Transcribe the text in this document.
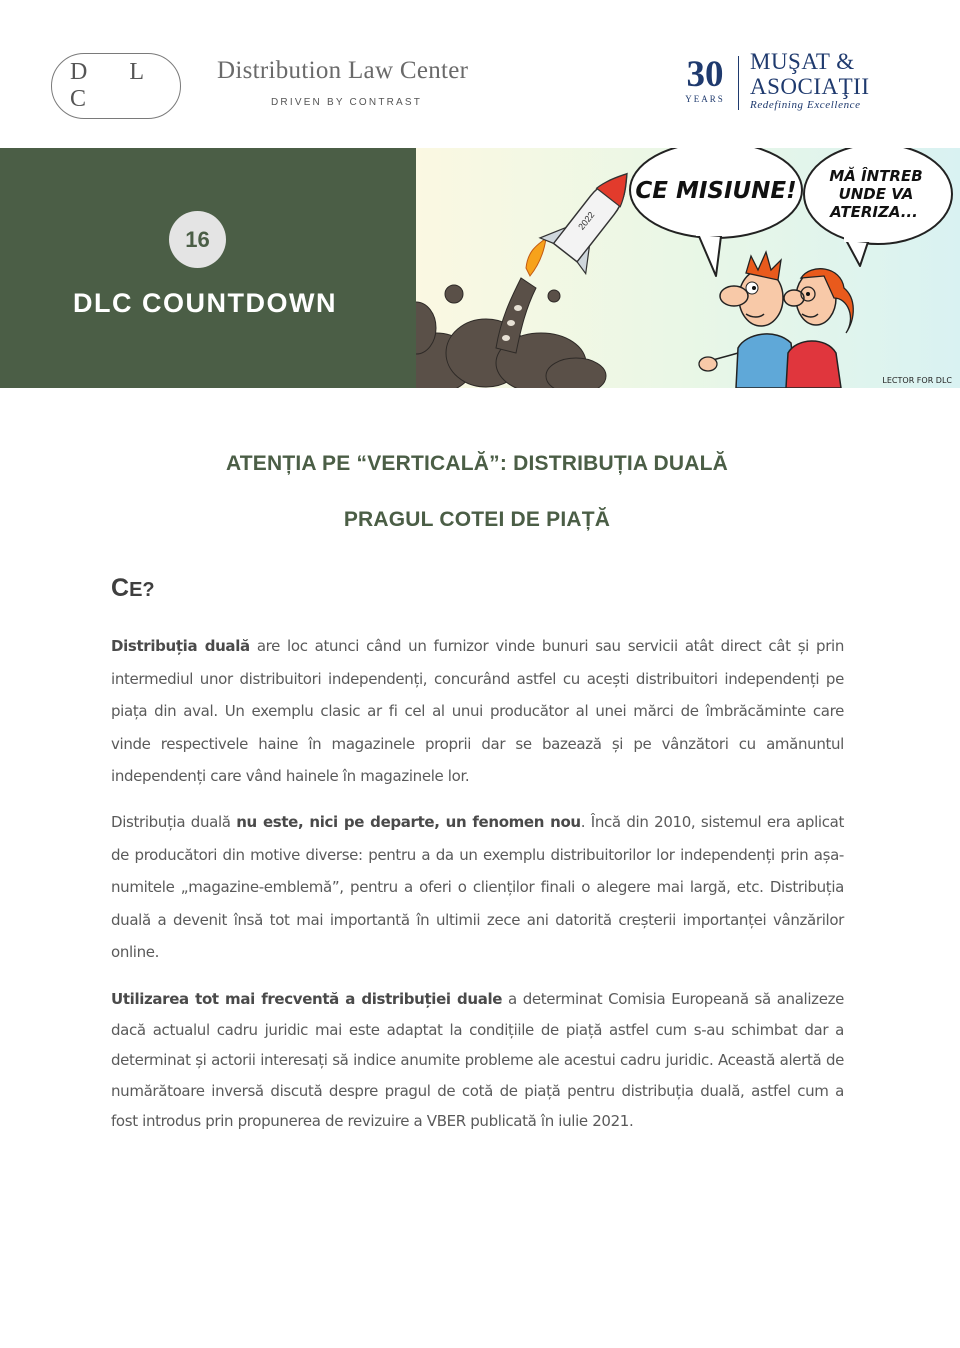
D L C
Distribution Law Center
DRIVEN BY CONTRAST
30
YEARS
MUŞAT &
ASOCIAŢII
Redefining Excellence
16
DLC COUNTDOWN
2022
CE MISIUNE!
MĂ ÎNTREB
UNDE VA
ATERIZA...
LECTOR FOR DLC
ATENȚIA PE “VERTICALĂ”: DISTRIBUȚIA DUALĂ
PRAGUL COTEI DE PIAȚĂ
CE?

Distribuția duală are loc atunci când un furnizor vinde bunuri sau servicii atât direct cât și prin intermediul unor distribuitori independenți, concurând astfel cu acești distribuitori independenți pe piața din aval. Un exemplu clasic ar fi cel al unui producător al unei mărci de îmbrăcăminte care vinde respectivele haine în magazinele proprii dar se bazează și pe vânzători cu amănuntul independenți care vând hainele în magazinele lor.

Distribuția duală nu este, nici pe departe, un fenomen nou. Încă din 2010, sistemul era aplicat de producători din motive diverse: pentru a da un exemplu distribuitorilor lor independenți prin așa-numitele „magazine-emblemă”, pentru a oferi o clienților finali o alegere mai largă, etc. Distribuția duală a devenit însă tot mai importantă în ultimii zece ani datorită creșterii importanței vânzărilor online.

Utilizarea tot mai frecventă a distribuției duale a determinat Comisia Europeană să analizeze dacă actualul cadru juridic mai este adaptat la condițiile de piață astfel cum s-au schimbat dar a determinat și actorii interesați să indice anumite probleme ale acestui cadru juridic. Această alertă de numărătoare inversă discută despre pragul de cotă de piață pentru distribuția duală, astfel cum a fost introdus prin propunerea de revizuire a VBER publicată în iulie 2021.
